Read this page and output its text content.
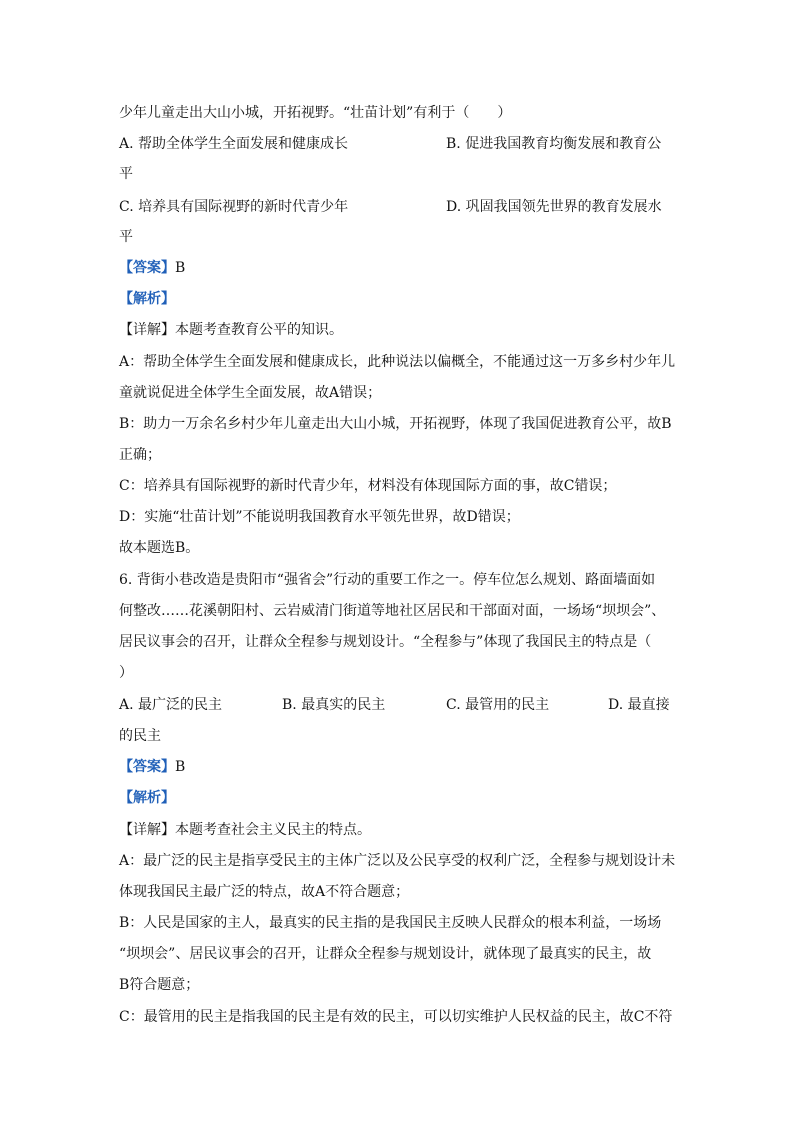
少年儿童走出大山小城，开拓视野。“壮苗计划”有利于（　　）
A. 帮助全体学生全面发展和健康成长	B. 促进我国教育均衡发展和教育公
平
C. 培养具有国际视野的新时代青少年	D. 巩固我国领先世界的教育发展水
平
【答案】B
【解析】
【详解】本题考查教育公平的知识。
A：帮助全体学生全面发展和健康成长，此种说法以偏概全，不能通过这一万多乡村少年儿
童就说促进全体学生全面发展，故A错误；
B：助力一万余名乡村少年儿童走出大山小城，开拓视野，体现了我国促进教育公平，故B
正确；
C：培养具有国际视野的新时代青少年，材料没有体现国际方面的事，故C错误；
D：实施“壮苗计划”不能说明我国教育水平领先世界，故D错误；
故本题选B。
6. 背街小巷改造是贵阳市“强省会”行动的重要工作之一。停车位怎么规划、路面墙面如
何整改……花溪朝阳村、云岩威清门街道等地社区居民和干部面对面，一场场“坝坝会”、
居民议事会的召开，让群众全程参与规划设计。“全程参与”体现了我国民主的特点是（
）
A. 最广泛的民主	B. 最真实的民主	C. 最管用的民主	D. 最直接
的民主
【答案】B
【解析】
【详解】本题考查社会主义民主的特点。
A：最广泛的民主是指享受民主的主体广泛以及公民享受的权利广泛，全程参与规划设计未
体现我国民主最广泛的特点，故A不符合题意；
B：人民是国家的主人，最真实的民主指的是我国民主反映人民群众的根本利益，一场场
“坝坝会”、居民议事会的召开，让群众全程参与规划设计，就体现了最真实的民主，故
B符合题意；
C：最管用的民主是指我国的民主是有效的民主，可以切实维护人民权益的民主，故C不符
